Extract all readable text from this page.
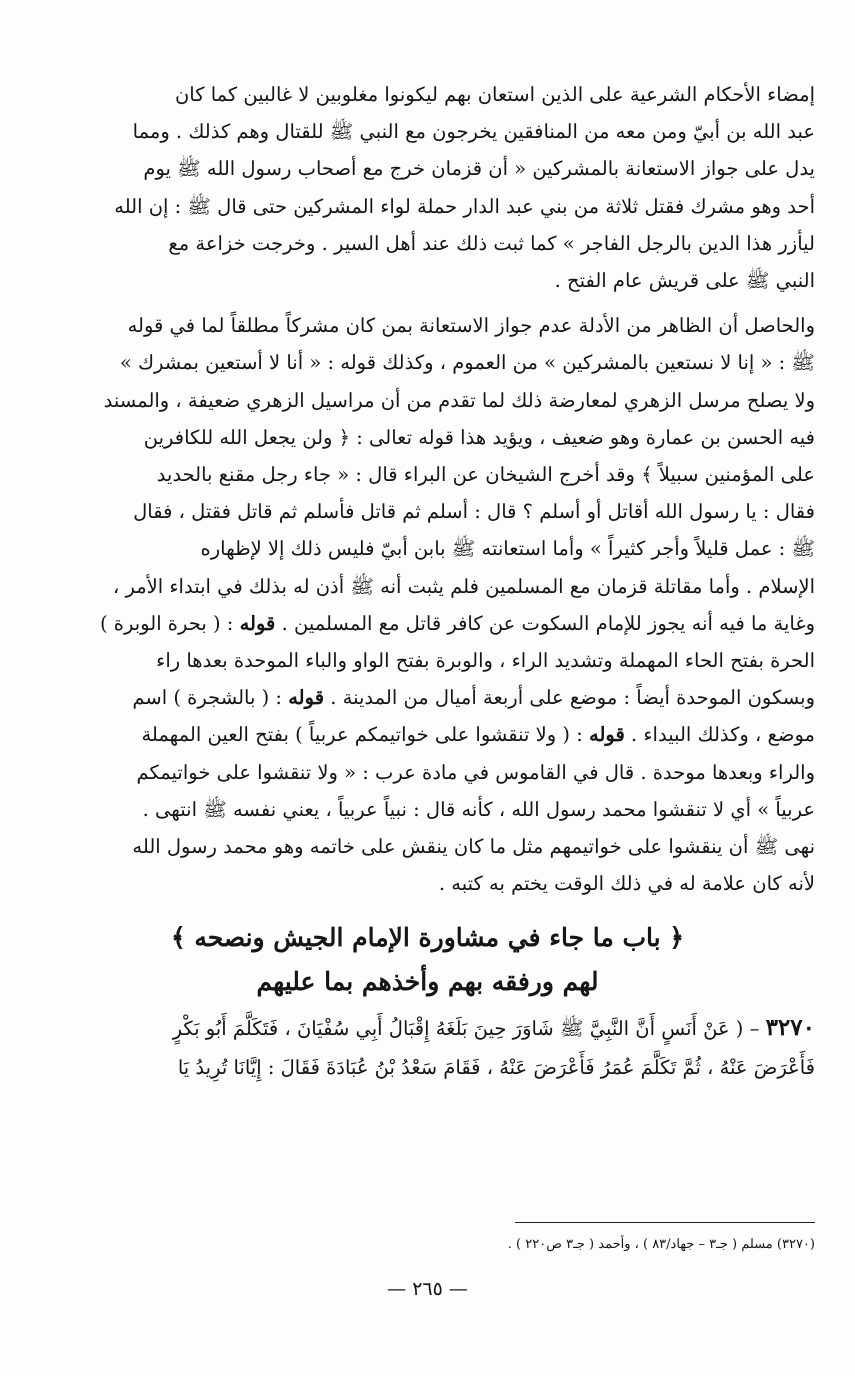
إمضاء الأحكام الشرعية على الذين استعان بهم ليكونوا مغلوبين لا غالبين كما كان
عبد الله بن أبيّ ومن معه من المنافقين يخرجون مع النبي ﷺ للقتال وهم كذلك . ومما
يدل على جواز الاستعانة بالمشركين « أن قزمان خرج مع أصحاب رسول الله ﷺ يوم
أحد وهو مشرك فقتل ثلاثة من بني عبد الدار حملة لواء المشركين حتى قال ﷺ : إن الله
ليأزر هذا الدين بالرجل الفاجر » كما ثبت ذلك عند أهل السير . وخرجت خزاعة مع
النبي ﷺ على قريش عام الفتح .

والحاصل أن الظاهر من الأدلة عدم جواز الاستعانة بمن كان مشركاً مطلقاً لما في قوله
ﷺ : « إنا لا نستعين بالمشركين » من العموم ، وكذلك قوله : « أنا لا أستعين بمشرك »
ولا يصلح مرسل الزهري لمعارضة ذلك لما تقدم من أن مراسيل الزهري ضعيفة ، والمسند
فيه الحسن بن عمارة وهو ضعيف ، ويؤيد هذا قوله تعالى : ﴿ ولن يجعل الله للكافرين
على المؤمنين سبيلاً ﴾ وقد أخرج الشيخان عن البراء قال : « جاء رجل مقنع بالحديد
فقال : يا رسول الله أقاتل أو أسلم ؟ قال : أسلم ثم قاتل فأسلم ثم قاتل فقتل ، فقال
ﷺ : عمل قليلاً وأجر كثيراً » وأما استعانته ﷺ بابن أبيّ فليس ذلك إلا لإظهاره
الإسلام . وأما مقاتلة قزمان مع المسلمين فلم يثبت أنه ﷺ أذن له بذلك في ابتداء الأمر ،
وغاية ما فيه أنه يجوز للإمام السكوت عن كافر قاتل مع المسلمين . قوله : ( بحرة الوبرة )
الحرة بفتح الحاء المهملة وتشديد الراء ، والوبرة بفتح الواو والباء الموحدة بعدها راء
وبسكون الموحدة أيضاً : موضع على أربعة أميال من المدينة . قوله : ( بالشجرة ) اسم
موضع ، وكذلك البيداء . قوله : ( ولا تنقشوا على خواتيمكم عربياً ) بفتح العين المهملة
والراء وبعدها موحدة . قال في القاموس في مادة عرب : « ولا تنقشوا على خواتيمكم
عربياً » أي لا تنقشوا محمد رسول الله ، كأنه قال : نبياً عربياً ، يعني نفسه ﷺ انتهى .
نهى ﷺ أن ينقشوا على خواتيمهم مثل ما كان ينقش على خاتمه وهو محمد رسول الله
لأنه كان علامة له في ذلك الوقت يختم به كتبه .

﴿ باب ما جاء في مشاورة الإمام الجيش ونصحه ﴾
لهم ورفقه بهم وأخذهم بما عليهم

٣٢٧٠ – ( عَنْ أَنَسٍ أَنَّ النَّبِيَّ ﷺ شَاوَرَ حِينَ بَلَغَهُ إِقْبَالُ أَبِي سُفْيَانَ ، فَتَكَلَّمَ أَبُو بَكْرٍ
فَأَعْرَضَ عَنْهُ ، ثُمَّ تَكَلَّمَ عُمَرُ فَأَعْرَضَ عَنْهُ ، فَقَامَ سَعْدُ بْنُ عُبَادَةَ فَقَالَ : إِيَّانَا تُرِيدُ يَا

(٣٢٧٠) مسلم ( جـ٣ – جهاد/٨٣ ) ، وأحمد ( جـ٣ ص٢٢٠ ) .
— ٢٦٥ —
